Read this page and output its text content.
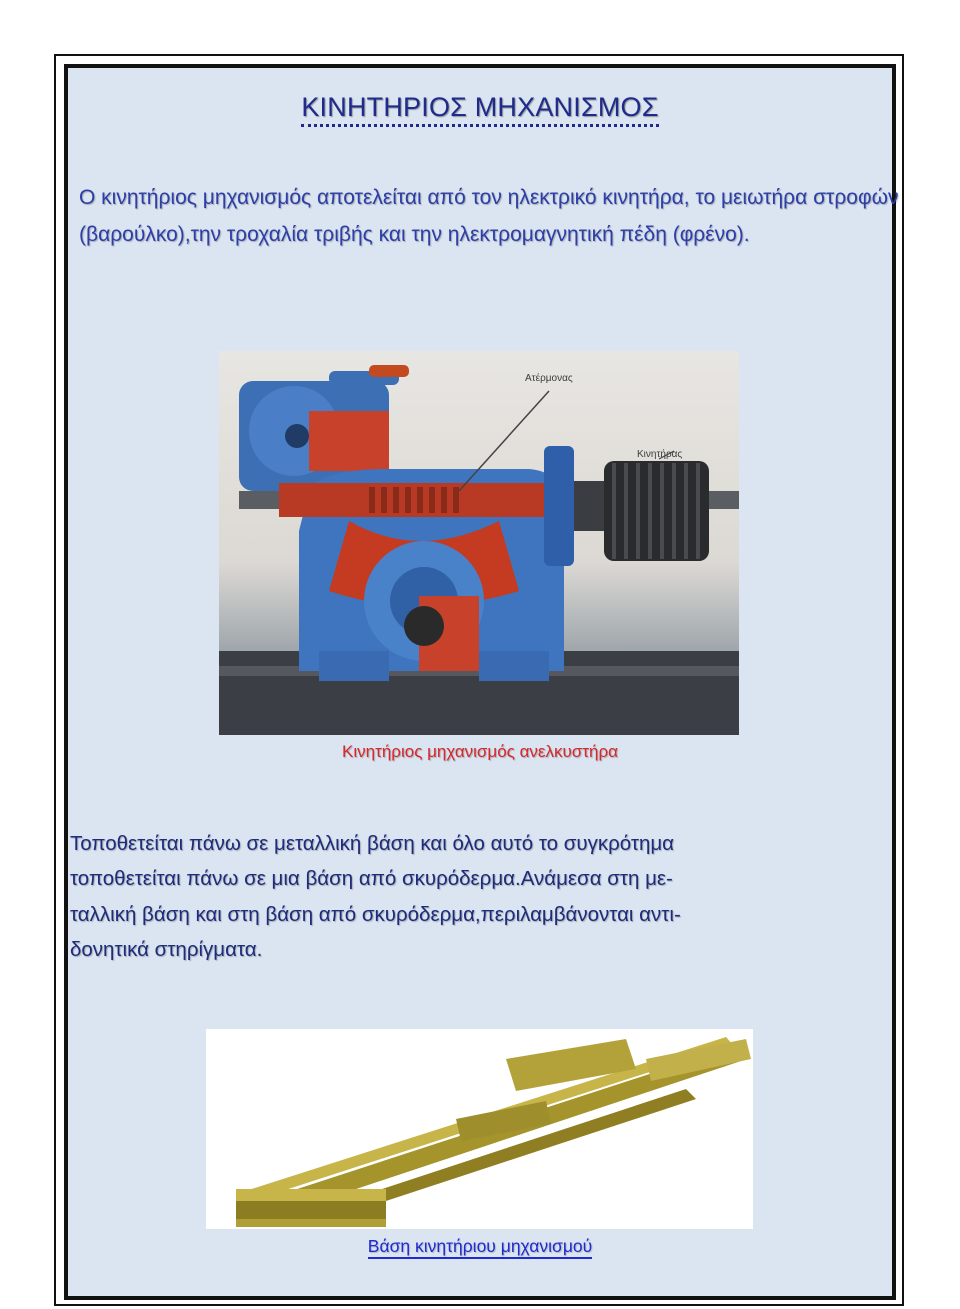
ΚΙΝΗΤΗΡΙΟΣ ΜΗΧΑΝΙΣΜΟΣ
Ο κινητήριος μηχανισμός αποτελείται από τον ηλεκτρικό κινητήρα, το μειωτήρα στροφών (βαρούλκο),την τροχαλία τριβής και την ηλεκτρομαγνητική πέδη (φρένο).
Ατέρμονας
Κινητήρας
Κινητήριος μηχανισμός ανελκυστήρα
Τοποθετείται πάνω σε μεταλλική βάση και όλο αυτό το συγκρότημα
τοποθετείται πάνω σε μια βάση από σκυρόδερμα.Ανάμεσα στη με-
ταλλική βάση και στη βάση από σκυρόδερμα,περιλαμβάνονται αντι-
δονητικά στηρίγματα.
Βάση κινητήριου μηχανισμού
